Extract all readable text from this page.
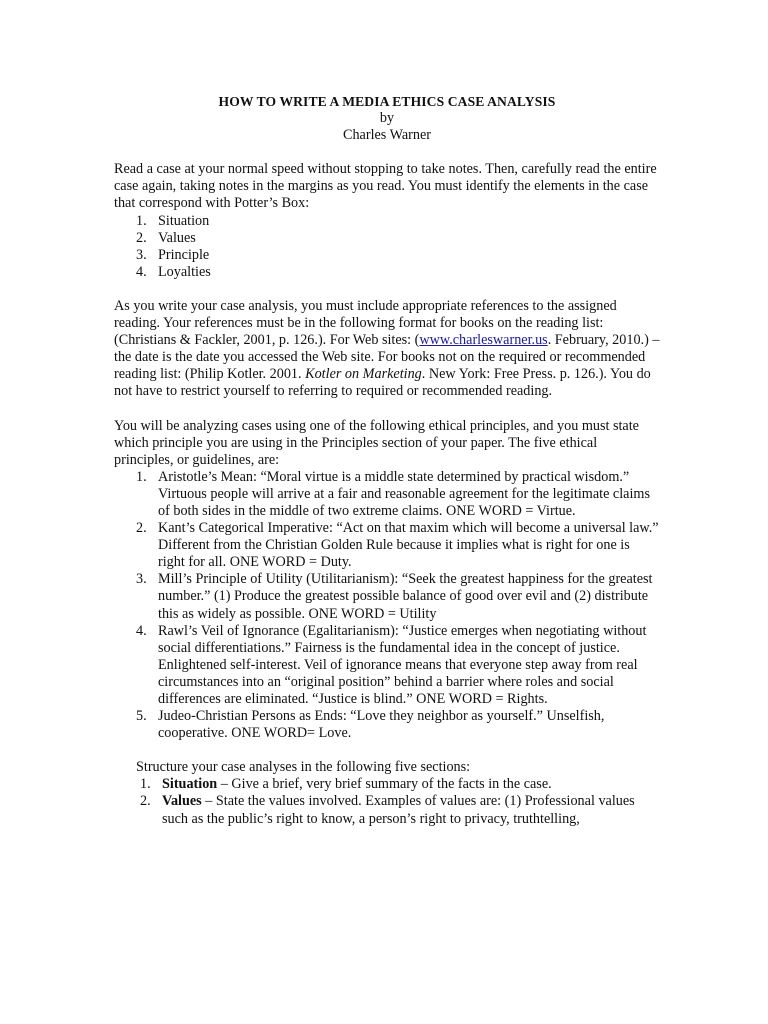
HOW TO WRITE A MEDIA ETHICS CASE ANALYSIS
by
Charles Warner

Read a case at your normal speed without stopping to take notes. Then, carefully read the entire case again, taking notes in the margins as you read. You must identify the elements in the case that correspond with Potter’s Box:

1. Situation
2. Values
3. Principle
4. Loyalties

As you write your case analysis, you must include appropriate references to the assigned reading. Your references must be in the following format for books on the reading list: (Christians & Fackler, 2001, p. 126.). For Web sites: (www.charleswarner.us. February, 2010.) – the date is the date you accessed the Web site. For books not on the required or recommended reading list: (Philip Kotler. 2001. Kotler on Marketing. New York: Free Press. p. 126.). You do not have to restrict yourself to referring to required or recommended reading.

You will be analyzing cases using one of the following ethical principles, and you must state which principle you are using in the Principles section of your paper. The five ethical principles, or guidelines, are:

1. Aristotle’s Mean: “Moral virtue is a middle state determined by practical wisdom.” Virtuous people will arrive at a fair and reasonable agreement for the legitimate claims of both sides in the middle of two extreme claims. ONE WORD = Virtue.
2. Kant’s Categorical Imperative: “Act on that maxim which will become a universal law.” Different from the Christian Golden Rule because it implies what is right for one is right for all. ONE WORD = Duty.
3. Mill’s Principle of Utility (Utilitarianism): “Seek the greatest happiness for the greatest number.” (1) Produce the greatest possible balance of good over evil and (2) distribute this as widely as possible. ONE WORD = Utility
4. Rawl’s Veil of Ignorance (Egalitarianism): “Justice emerges when negotiating without social differentiations.” Fairness is the fundamental idea in the concept of justice. Enlightened self-interest. Veil of ignorance means that everyone step away from real circumstances into an “original position” behind a barrier where roles and social differences are eliminated. “Justice is blind.” ONE WORD = Rights.
5. Judeo-Christian Persons as Ends: “Love they neighbor as yourself.” Unselfish, cooperative. ONE WORD= Love.

Structure your case analyses in the following five sections:

1. Situation – Give a brief, very brief summary of the facts in the case.
2. Values – State the values involved. Examples of values are: (1) Professional values such as the public’s right to know, a person’s right to privacy, truthtelling,
